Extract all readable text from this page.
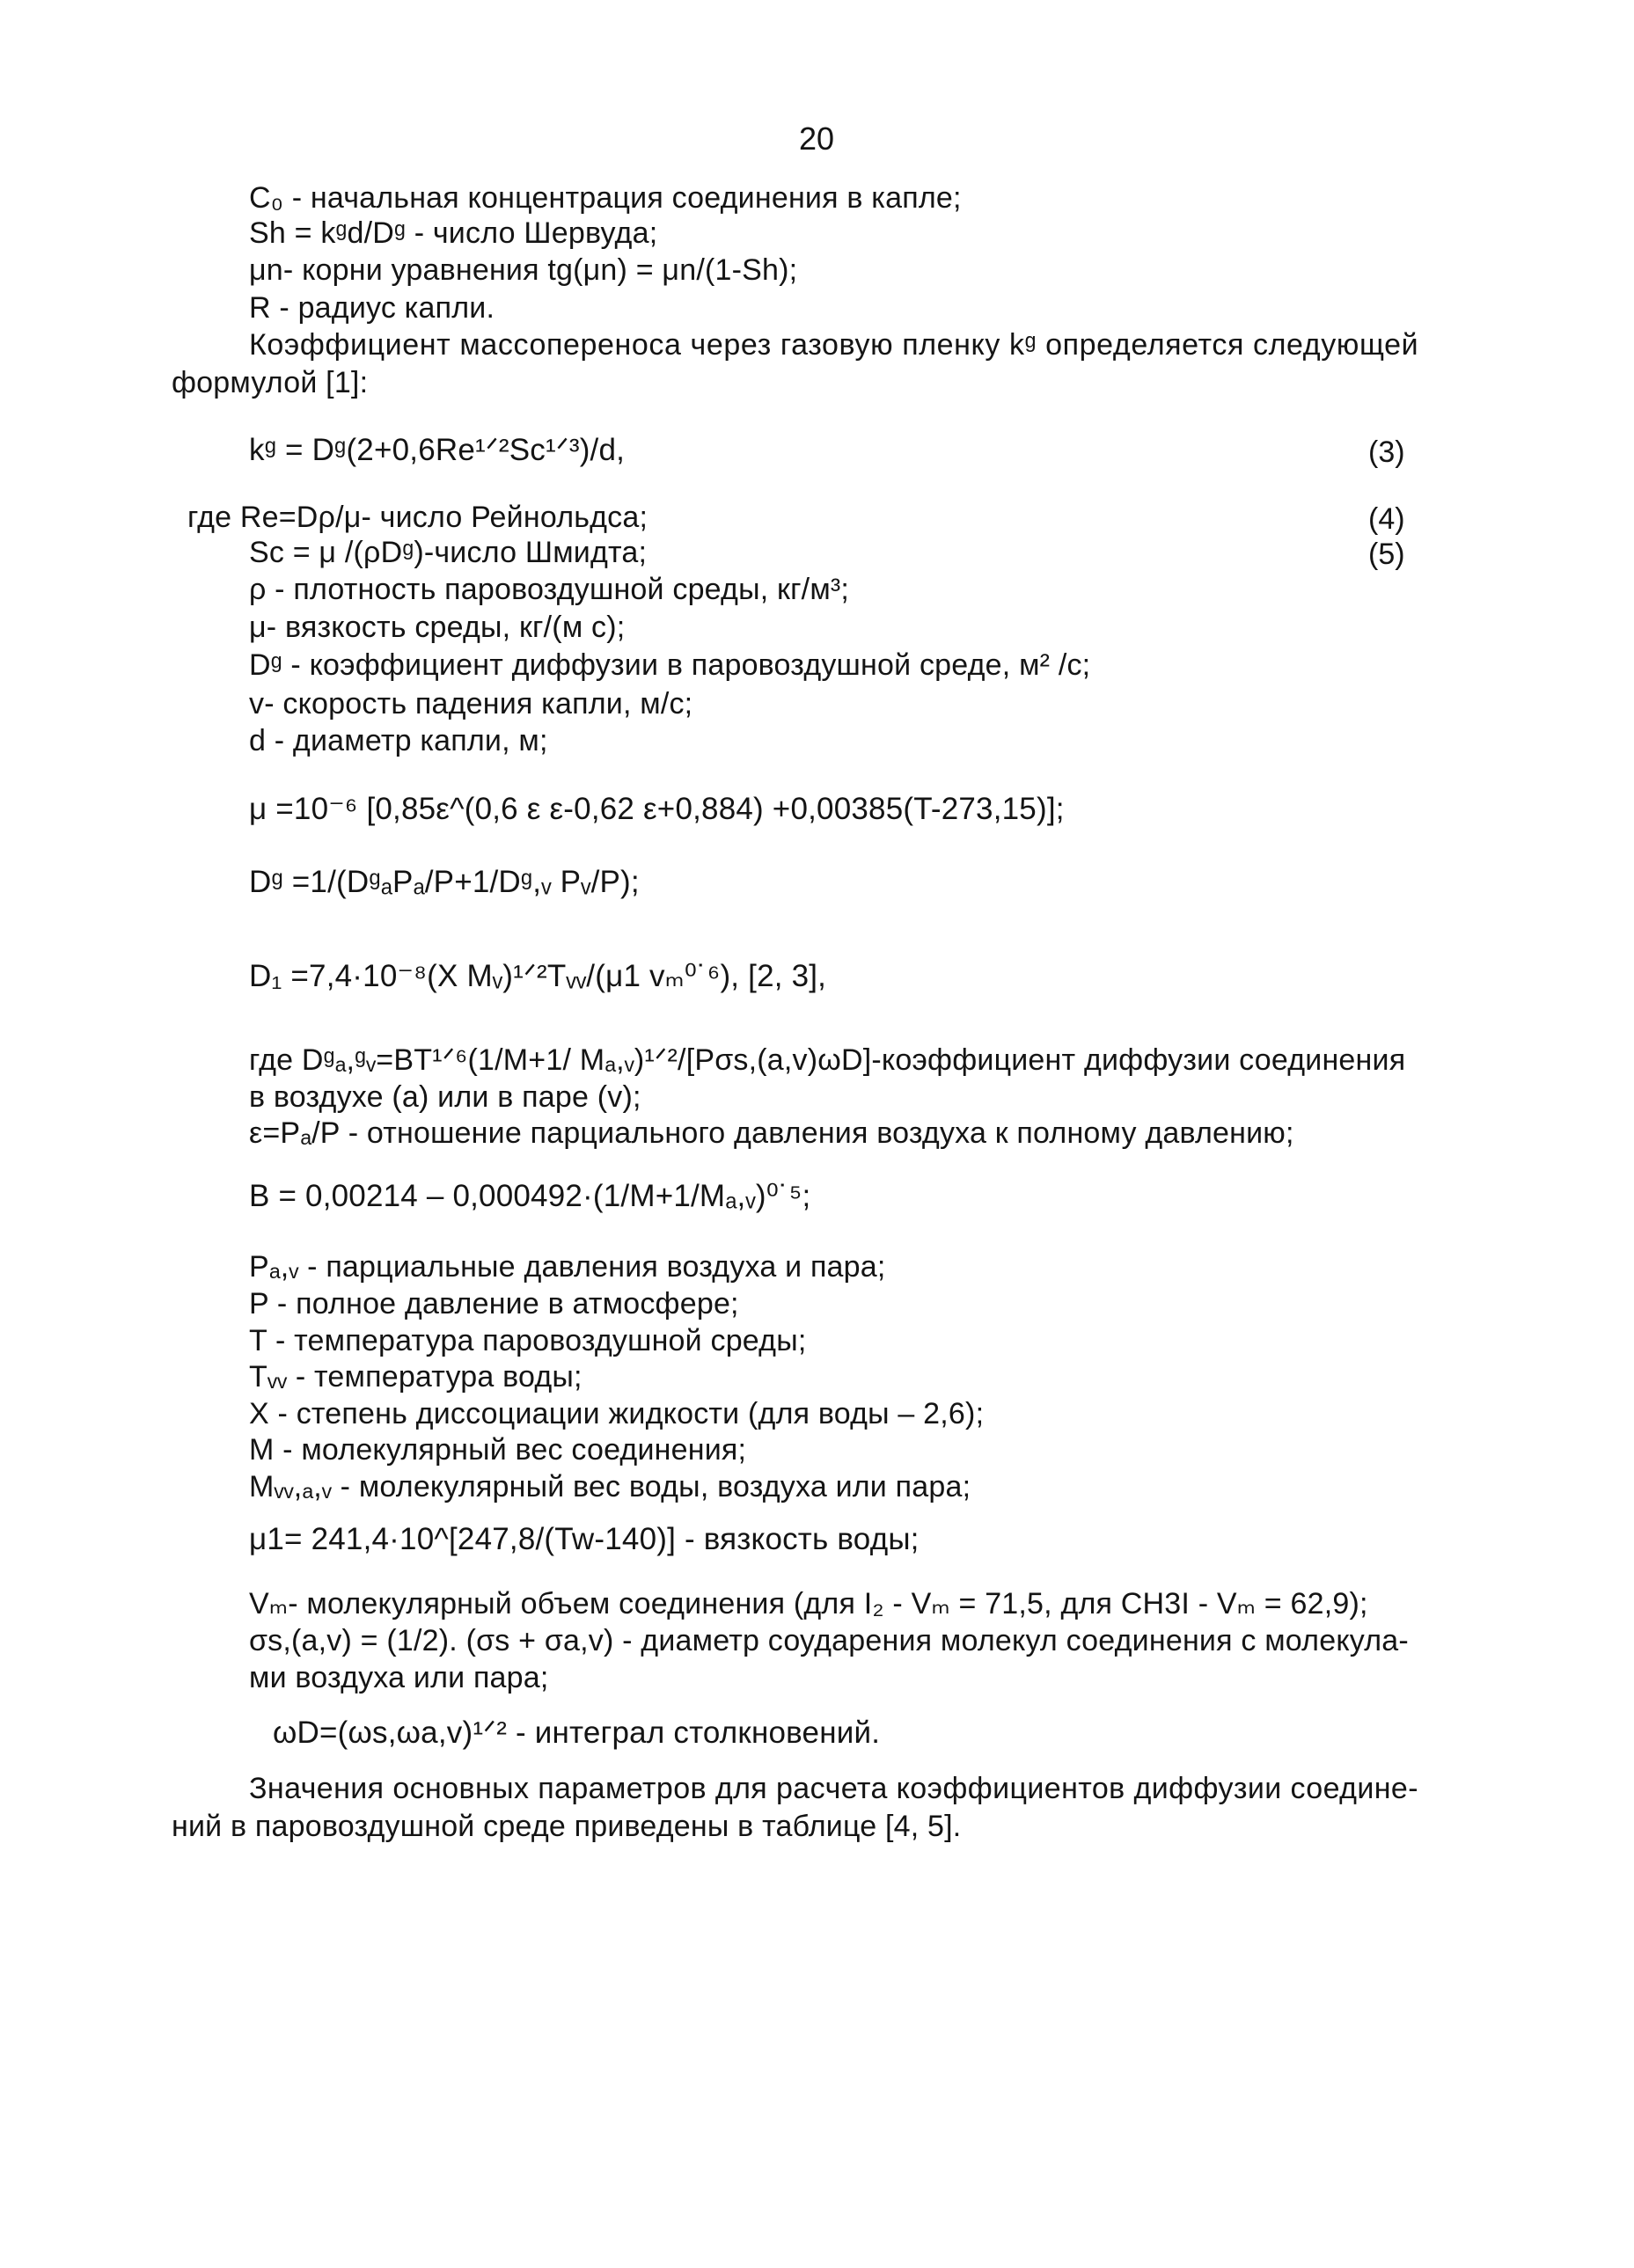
20
C₀ - начальная концентрация соединения в капле;
Sh = kᵍd/Dᵍ - число Шервуда;
μn- корни уравнения tg(μn) = μn/(1-Sh);
R - радиус капли.
Коэффициент массопереноса через газовую пленку kᵍ определяется следующей
формулой [1]:
kᵍ = Dᵍ(2+0,6Re¹ᐟ²Sc¹ᐟ³)/d,	(3)
где Re=Dρ/μ- число Рейнольдса;	(4)
Sc = μ /(ρDᵍ)-число Шмидта;	(5)
ρ - плотность паровоздушной среды, кг/м³;
μ- вязкость среды, кг/(м с);
Dᵍ - коэффициент диффузии в паровоздушной среде, м² /с;
v- скорость падения капли, м/с;
d - диаметр капли, м;
μ =10⁻⁶ [0,85ε^(0,6 ε ε-0,62 ε+0,884) +0,00385(T-273,15)];
Dᵍ =1/(DᵍₐPₐ/P+1/Dᵍ,ᵥ Pᵥ/P);
D₁ =7,4·10⁻⁸(X Mᵥ)¹ᐟ²Tᵥᵥ/(μ1 vₘ⁰˙⁶), [2, 3],
где Dᵍₐ,ᵍᵥ=BT¹ᐟ⁶(1/M+1/ Mₐ,ᵥ)¹ᐟ²/[Pσs,(a,v)ωD]-коэффициент диффузии соединения
в воздухе (a) или в паре (v);
ε=Pₐ/P - отношение парциального давления воздуха к полному давлению;
B = 0,00214 – 0,000492·(1/M+1/Mₐ,ᵥ)⁰˙⁵;
Pₐ,ᵥ - парциальные давления воздуха и пара;
P - полное давление в атмосфере;
T - температура паровоздушной среды;
Tᵥᵥ - температура воды;
X - степень диссоциации жидкости (для воды – 2,6);
M - молекулярный вес соединения;
Mᵥᵥ,ₐ,ᵥ - молекулярный вес воды, воздуха или пара;
μ1= 241,4·10^[247,8/(Tw-140)] - вязкость воды;
Vₘ- молекулярный объем соединения (для I₂ - Vₘ = 71,5, для CH3I - Vₘ = 62,9);
σs,(a,v) = (1/2). (σs + σa,v) - диаметр соударения молекул соединения с молекула-
ми воздуха или пара;
ωD=(ωs,ωa,v)¹ᐟ² - интеграл столкновений.
Значения основных параметров для расчета коэффициентов диффузии соедине-
ний в паровоздушной среде приведены в таблице [4, 5].
